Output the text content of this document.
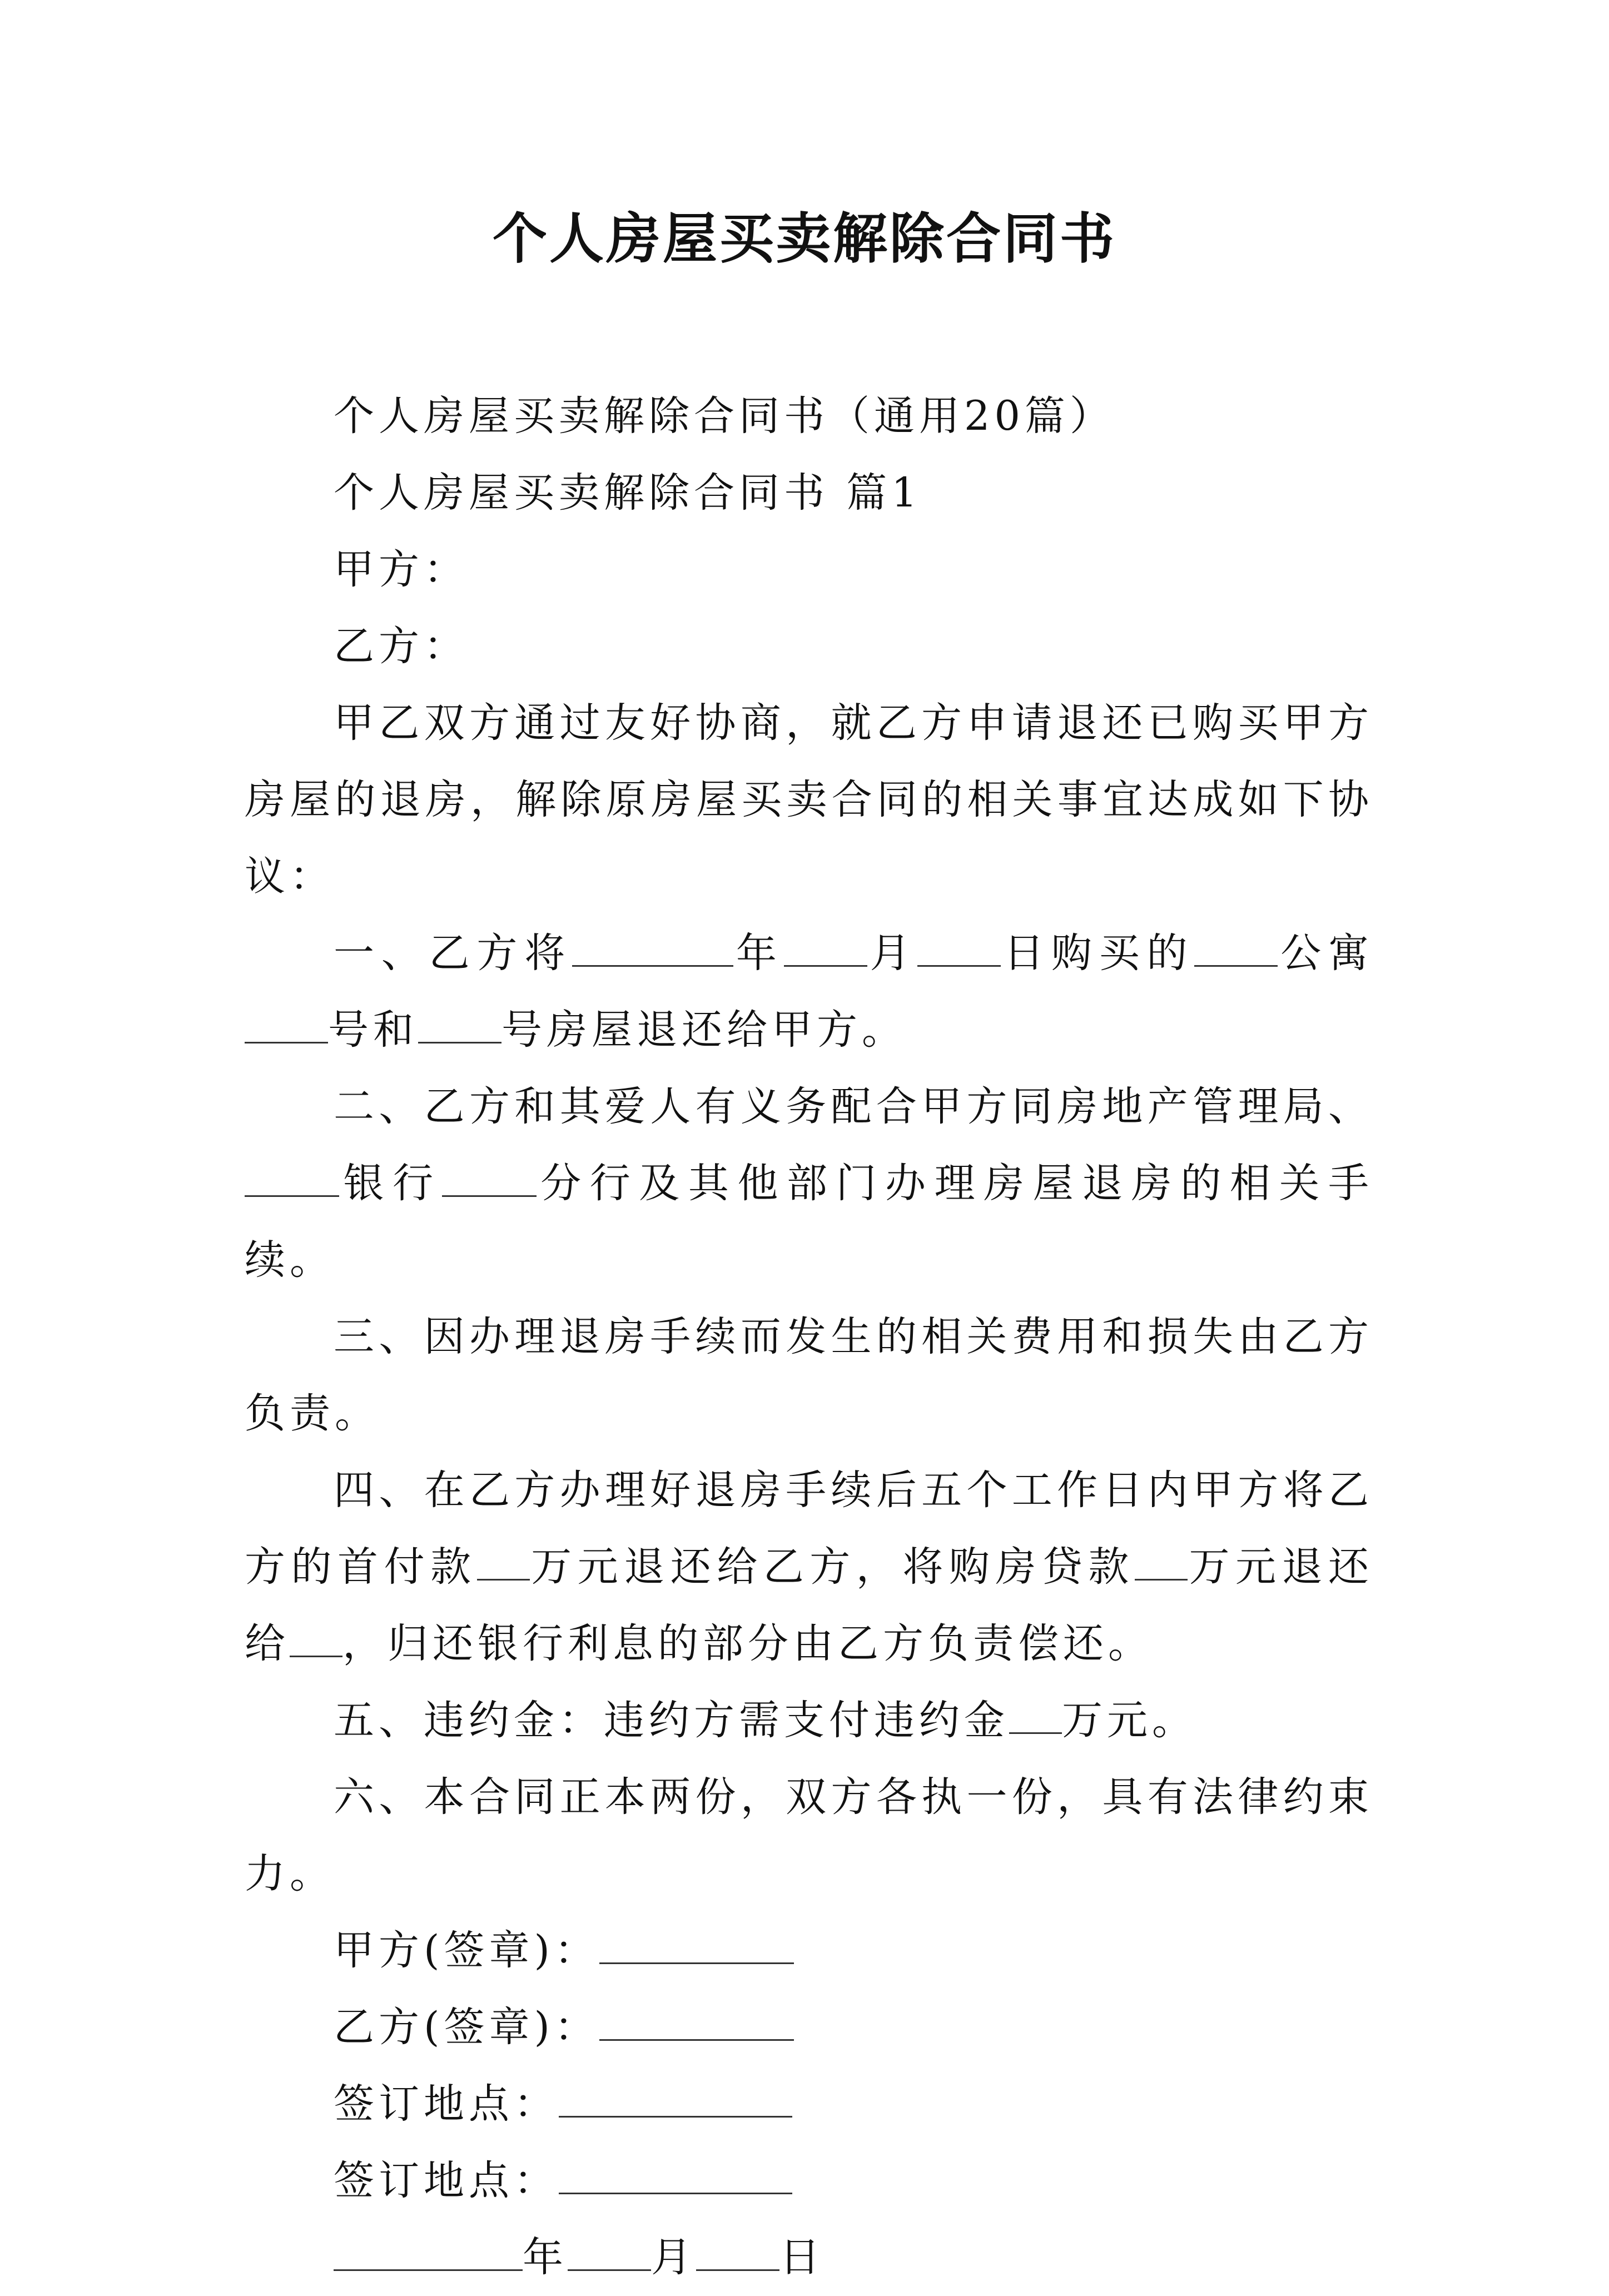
个人房屋买卖解除合同书

个人房屋买卖解除合同书（通用20篇）

个人房屋买卖解除合同书 篇1

甲方：

乙方：

甲乙双方通过友好协商，就乙方申请退还已购买甲方房屋的退房，解除原房屋买卖合同的相关事宜达成如下协议：

一、乙方将	年 月 日购买的 公寓号和 号房屋退还给甲方。

二、乙方和其爱人有义务配合甲方同房地产管理局、银行 分行及其他部门办理房屋退房的相关手续。

三、因办理退房手续而发生的相关费用和损失由乙方负责。

四、在乙方办理好退房手续后五个工作日内甲方将乙方的首付款 万元退还给乙方，将购房贷款 万元退还给 ，归还银行利息的部分由乙方负责偿还。

五、违约金：违约方需支付违约金 万元。

六、本合同正本两份，双方各执一份，具有法律约束力。

甲方(签章)：

乙方(签章)：

签订地点：

签订地点：

年 月 日
